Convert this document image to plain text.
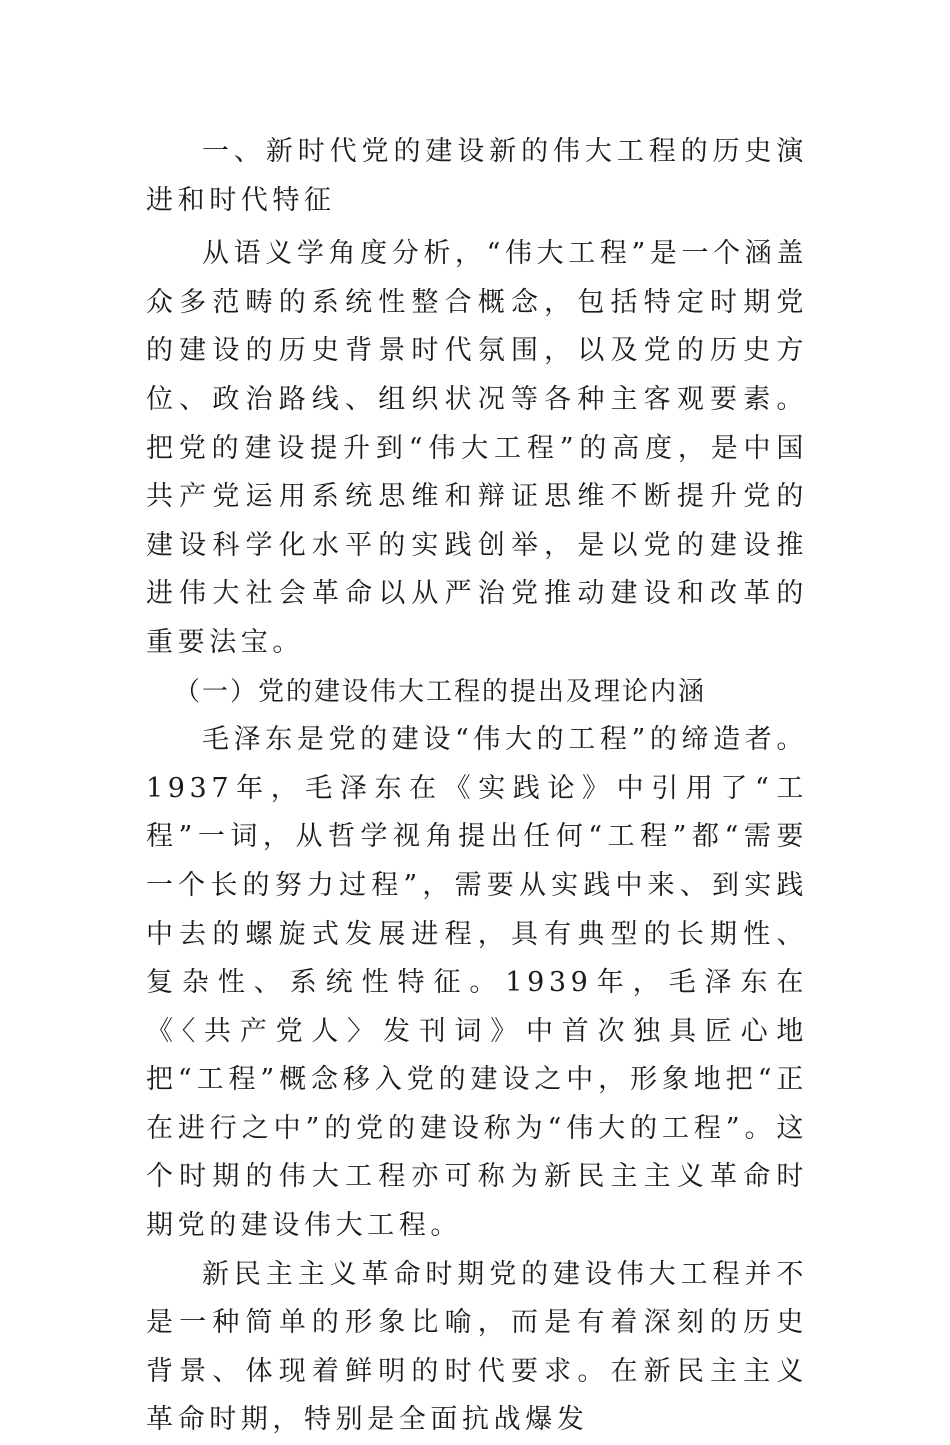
一、新时代党的建设新的伟大工程的历史演进和时代特征

从语义学角度分析，“伟大工程”是一个涵盖众多范畴的系统性整合概念，包括特定时期党的建设的历史背景时代氛围，以及党的历史方位、政治路线、组织状况等各种主客观要素。把党的建设提升到“伟大工程”的高度，是中国共产党运用系统思维和辩证思维不断提升党的建设科学化水平的实践创举，是以党的建设推进伟大社会革命以从严治党推动建设和改革的重要法宝。

（一）党的建设伟大工程的提出及理论内涵

毛泽东是党的建设“伟大的工程”的缔造者。1937年，毛泽东在《实践论》中引用了“工程”一词，从哲学视角提出任何“工程”都“需要一个长的努力过程”，需要从实践中来、到实践中去的螺旋式发展进程，具有典型的长期性、复杂性、系统性特征。1939年，毛泽东在《〈共产党人〉发刊词》中首次独具匠心地把“工程”概念移入党的建设之中，形象地把“正在进行之中”的党的建设称为“伟大的工程”。这个时期的伟大工程亦可称为新民主主义革命时期党的建设伟大工程。

新民主主义革命时期党的建设伟大工程并不是一种简单的形象比喻，而是有着深刻的历史背景、体现着鲜明的时代要求。在新民主主义革命时期，特别是全面抗战爆发
